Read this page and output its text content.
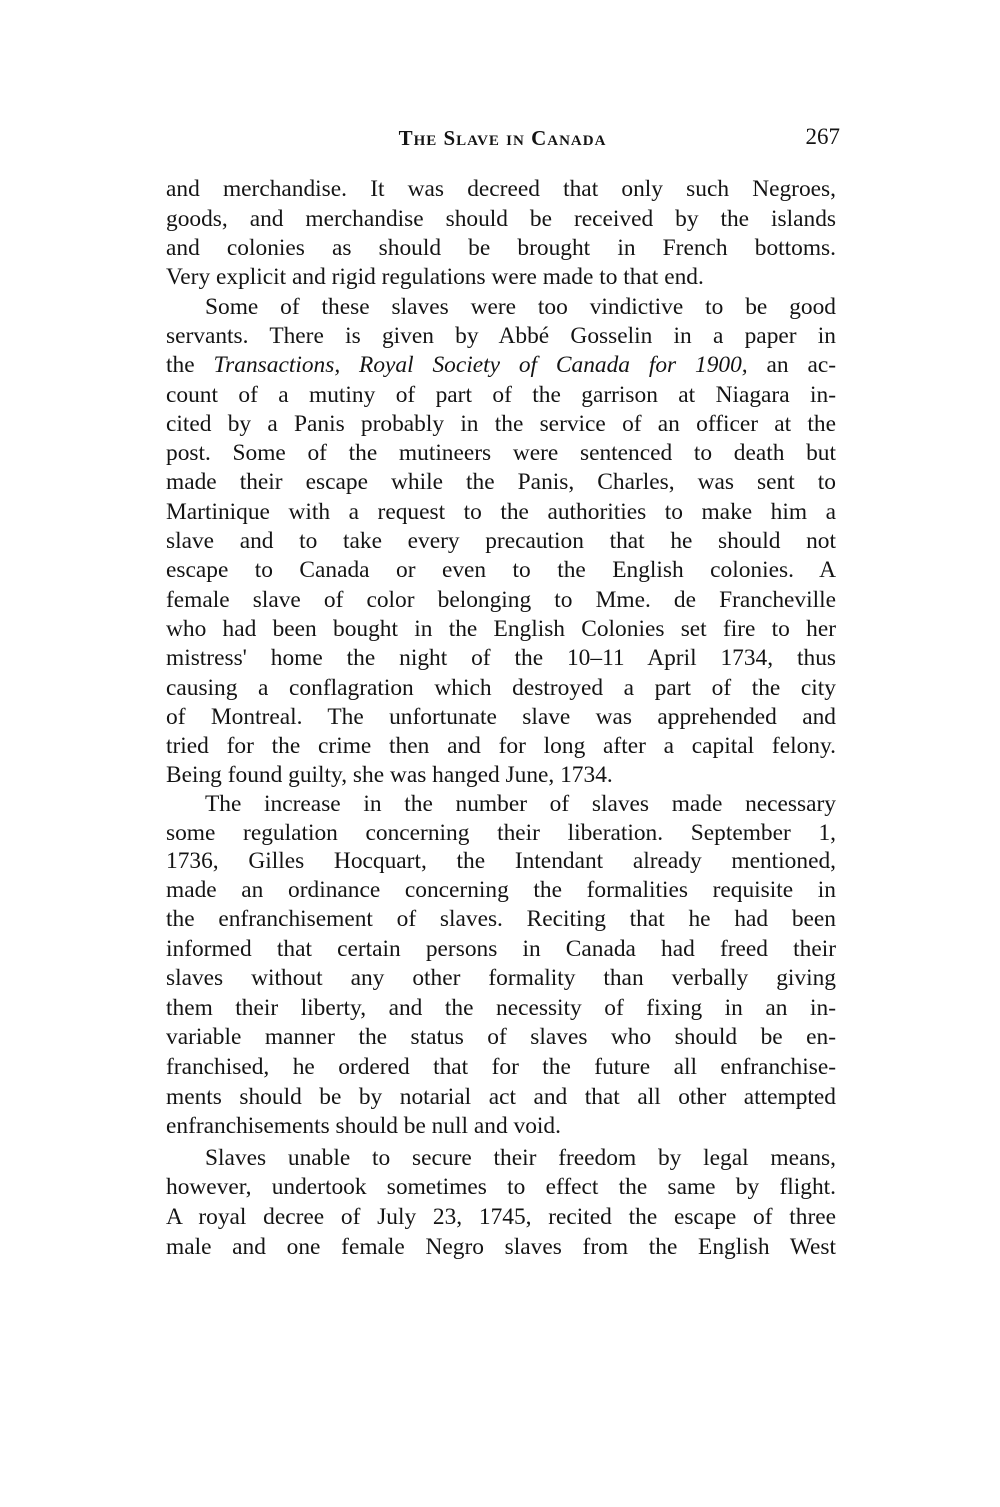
The Slave in Canada	267
and merchandise. It was decreed that only such Negroes,
goods, and merchandise should be received by the islands
and colonies as should be brought in French bottoms.
Very explicit and rigid regulations were made to that end.
Some of these slaves were too vindictive to be good
servants. There is given by Abbé Gosselin in a paper in
the Transactions, Royal Society of Canada for 1900, an ac-
count of a mutiny of part of the garrison at Niagara in-
cited by a Panis probably in the service of an officer at the
post. Some of the mutineers were sentenced to death but
made their escape while the Panis, Charles, was sent to
Martinique with a request to the authorities to make him a
slave and to take every precaution that he should not
escape to Canada or even to the English colonies. A
female slave of color belonging to Mme. de Francheville
who had been bought in the English Colonies set fire to her
mistress' home the night of the 10–11 April 1734, thus
causing a conflagration which destroyed a part of the city
of Montreal. The unfortunate slave was apprehended and
tried for the crime then and for long after a capital felony.
Being found guilty, she was hanged June, 1734.
The increase in the number of slaves made necessary
some regulation concerning their liberation. September 1,
1736, Gilles Hocquart, the Intendant already mentioned,
made an ordinance concerning the formalities requisite in
the enfranchisement of slaves. Reciting that he had been
informed that certain persons in Canada had freed their
slaves without any other formality than verbally giving
them their liberty, and the necessity of fixing in an in-
variable manner the status of slaves who should be en-
franchised, he ordered that for the future all enfranchise-
ments should be by notarial act and that all other attempted
enfranchisements should be null and void.
Slaves unable to secure their freedom by legal means,
however, undertook sometimes to effect the same by flight.
A royal decree of July 23, 1745, recited the escape of three
male and one female Negro slaves from the English West
